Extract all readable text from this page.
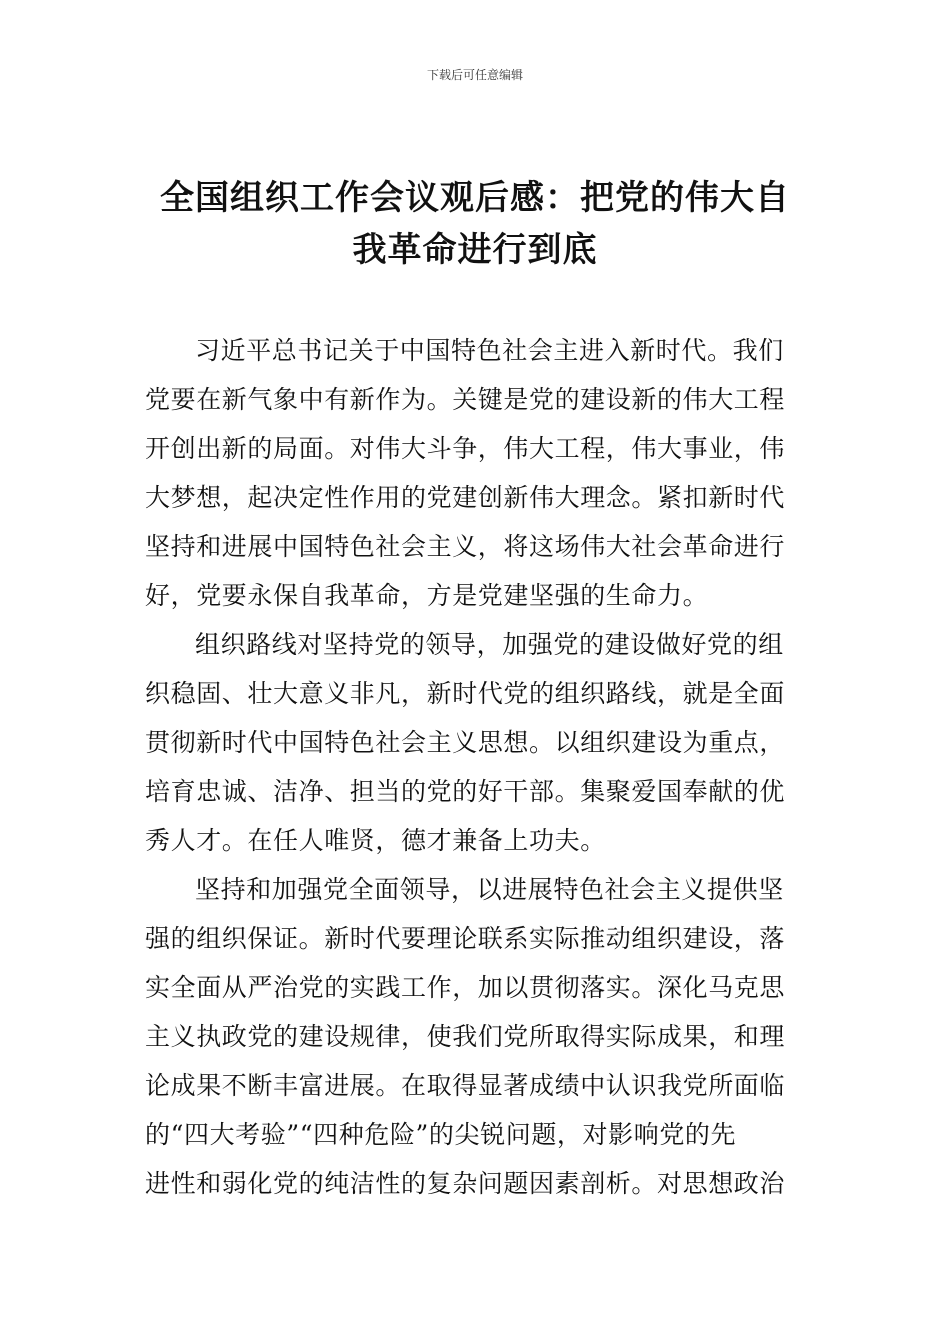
下载后可任意编辑
全国组织工作会议观后感：把党的伟大自
我革命进行到底
习近平总书记关于中国特色社会主进入新时代。我们
党要在新气象中有新作为。关键是党的建设新的伟大工程
开创出新的局面。对伟大斗争，伟大工程，伟大事业，伟
大梦想，起决定性作用的党建创新伟大理念。紧扣新时代
坚持和进展中国特色社会主义，将这场伟大社会革命进行
好，党要永保自我革命，方是党建坚强的生命力。
组织路线对坚持党的领导，加强党的建设做好党的组
织稳固、壮大意义非凡，新时代党的组织路线，就是全面
贯彻新时代中国特色社会主义思想。以组织建设为重点，
培育忠诚、洁净、担当的党的好干部。集聚爱国奉献的优
秀人才。在任人唯贤，德才兼备上功夫。
坚持和加强党全面领导，以进展特色社会主义提供坚
强的组织保证。新时代要理论联系实际推动组织建设，落
实全面从严治党的实践工作，加以贯彻落实。深化马克思
主义执政党的建设规律，使我们党所取得实际成果，和理
论成果不断丰富进展。在取得显著成绩中认识我党所面临
的“四大考验”“四种危险”的尖锐问题，对影响党的先
进性和弱化党的纯洁性的复杂问题因素剖析。对思想政治
